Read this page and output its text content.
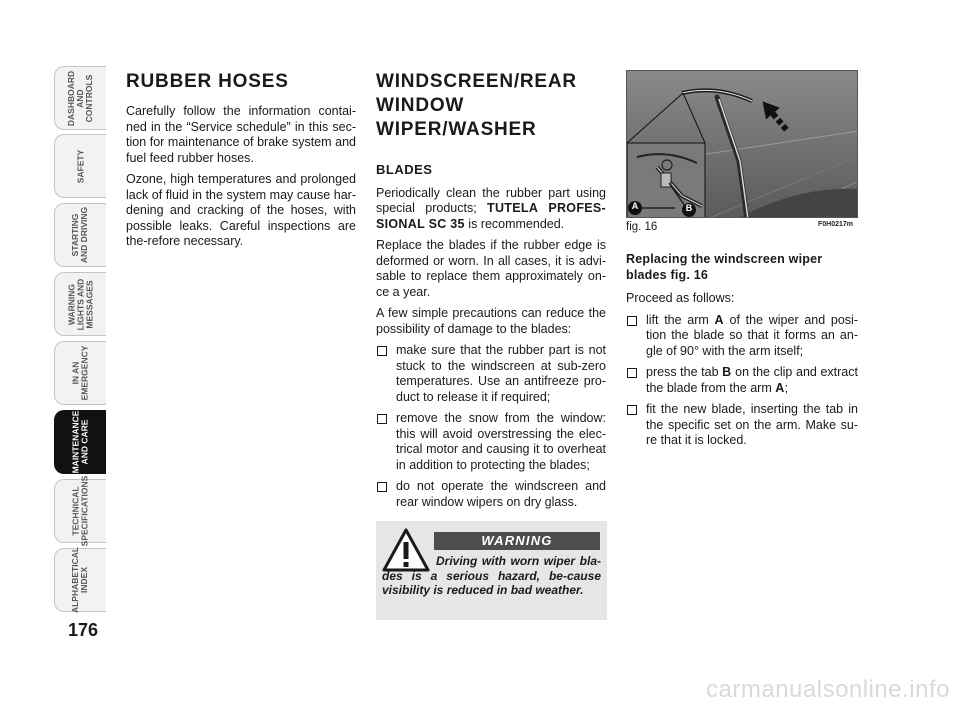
DASHBOARD
AND
CONTROLS
SAFETY
STARTING
AND DRIVING
WARNING
LIGHTS AND
MESSAGES
IN AN
EMERGENCY
MAINTENANCE
AND CARE
TECHNICAL
SPECIFICATIONS
ALPHABETICAL
INDEX
176
RUBBER HOSES

Carefully follow the information contai-ned in the “Service schedule” in this sec-tion for maintenance of brake system and fuel feed rubber hoses.

Ozone, high temperatures and prolonged lack of fluid in the system may cause har-dening and cracking of the hoses, with possible leaks. Careful inspections are the-refore necessary.

WINDSCREEN/REAR
WINDOW
WIPER/WASHER
BLADES

Periodically clean the rubber part using special products; TUTELA PROFES-SIONAL SC 35 is recommended.

Replace the blades if the rubber edge is deformed or worn. In all cases, it is advi-sable to replace them approximately on-ce a year.

A few simple precautions can reduce the possibility of damage to the blades:

make sure that the rubber part is not stuck to the windscreen at sub-zero temperatures. Use an antifreeze pro-duct to release it if required;
remove the snow from the window: this will avoid overstressing the elec-trical motor and causing it to overheat in addition to protecting the blades;
do not operate the windscreen and rear window wipers on dry glass.
WARNING
Driving with worn wiper bla-des is a serious hazard, be-cause visibility is reduced in bad weather.
A	B
fig. 16	F0H0217m
Replacing the windscreen wiper blades fig. 16

Proceed as follows:

lift the arm A of the wiper and posi-tion the blade so that it forms an an-gle of 90° with the arm itself;
press the tab B on the clip and extract the blade from the arm A;
fit the new blade, inserting the tab in the specific set on the arm. Make su-re that it is locked.
carmanualsonline.info
